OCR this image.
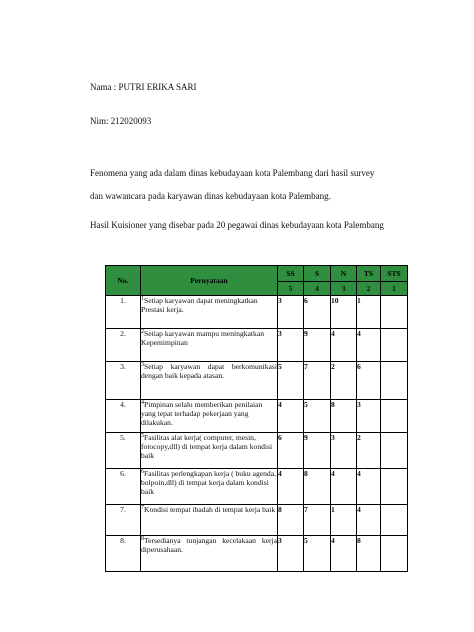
Nama : PUTRI ERIKA SARI
Nim: 212020093
Fenomena yang ada dalam dinas kebudayaan kota Palembang dari hasil survey
dan wawancara pada karyawan dinas kebudayaan kota Palembang.
Hasil Kuisioner yang disebar pada 20 pegawai dinas kebudayaan kota Palembang
No.	Pernyataan	SS	S	N	TS	STS
		5	4	3	2	1
1.	$^1$Setiap karyawan dapat meningkatkan Prestasi kerja.	3	6	10	1	
2.	$^2$Setiap karyawan mampu meningkatkan Kepemimpinan	3	9	4	4	
3.	$^3$Setiap karyawan dapat berkomunikasi dengan baik kepada atasan.	5	7	2	6	
4.	$^4$Pimpinan selalu memberikan penilaian yang tepat terhadap pekerjaan yang dilakukan.	4	5	8	3	
5.	$^5$Fasilitas alat kerja( computer, mesin, fotocopy,dll) di tempat kerja dalam kondisi baik	6	9	3	2	
6.	$^6$Fasilitas perlengkapan kerja ( buku agenda, bolpoin,dll) di tempat kerja dalam kondisi baik	4	8	4	4	
7.	$^7$Kondisi tempat ibadah di tempat kerja baik	8	7	1	4	
8.	$^8$Tersedianya tunjangan kecelakaan kerja diperusahaan.	3	5	4	8	
